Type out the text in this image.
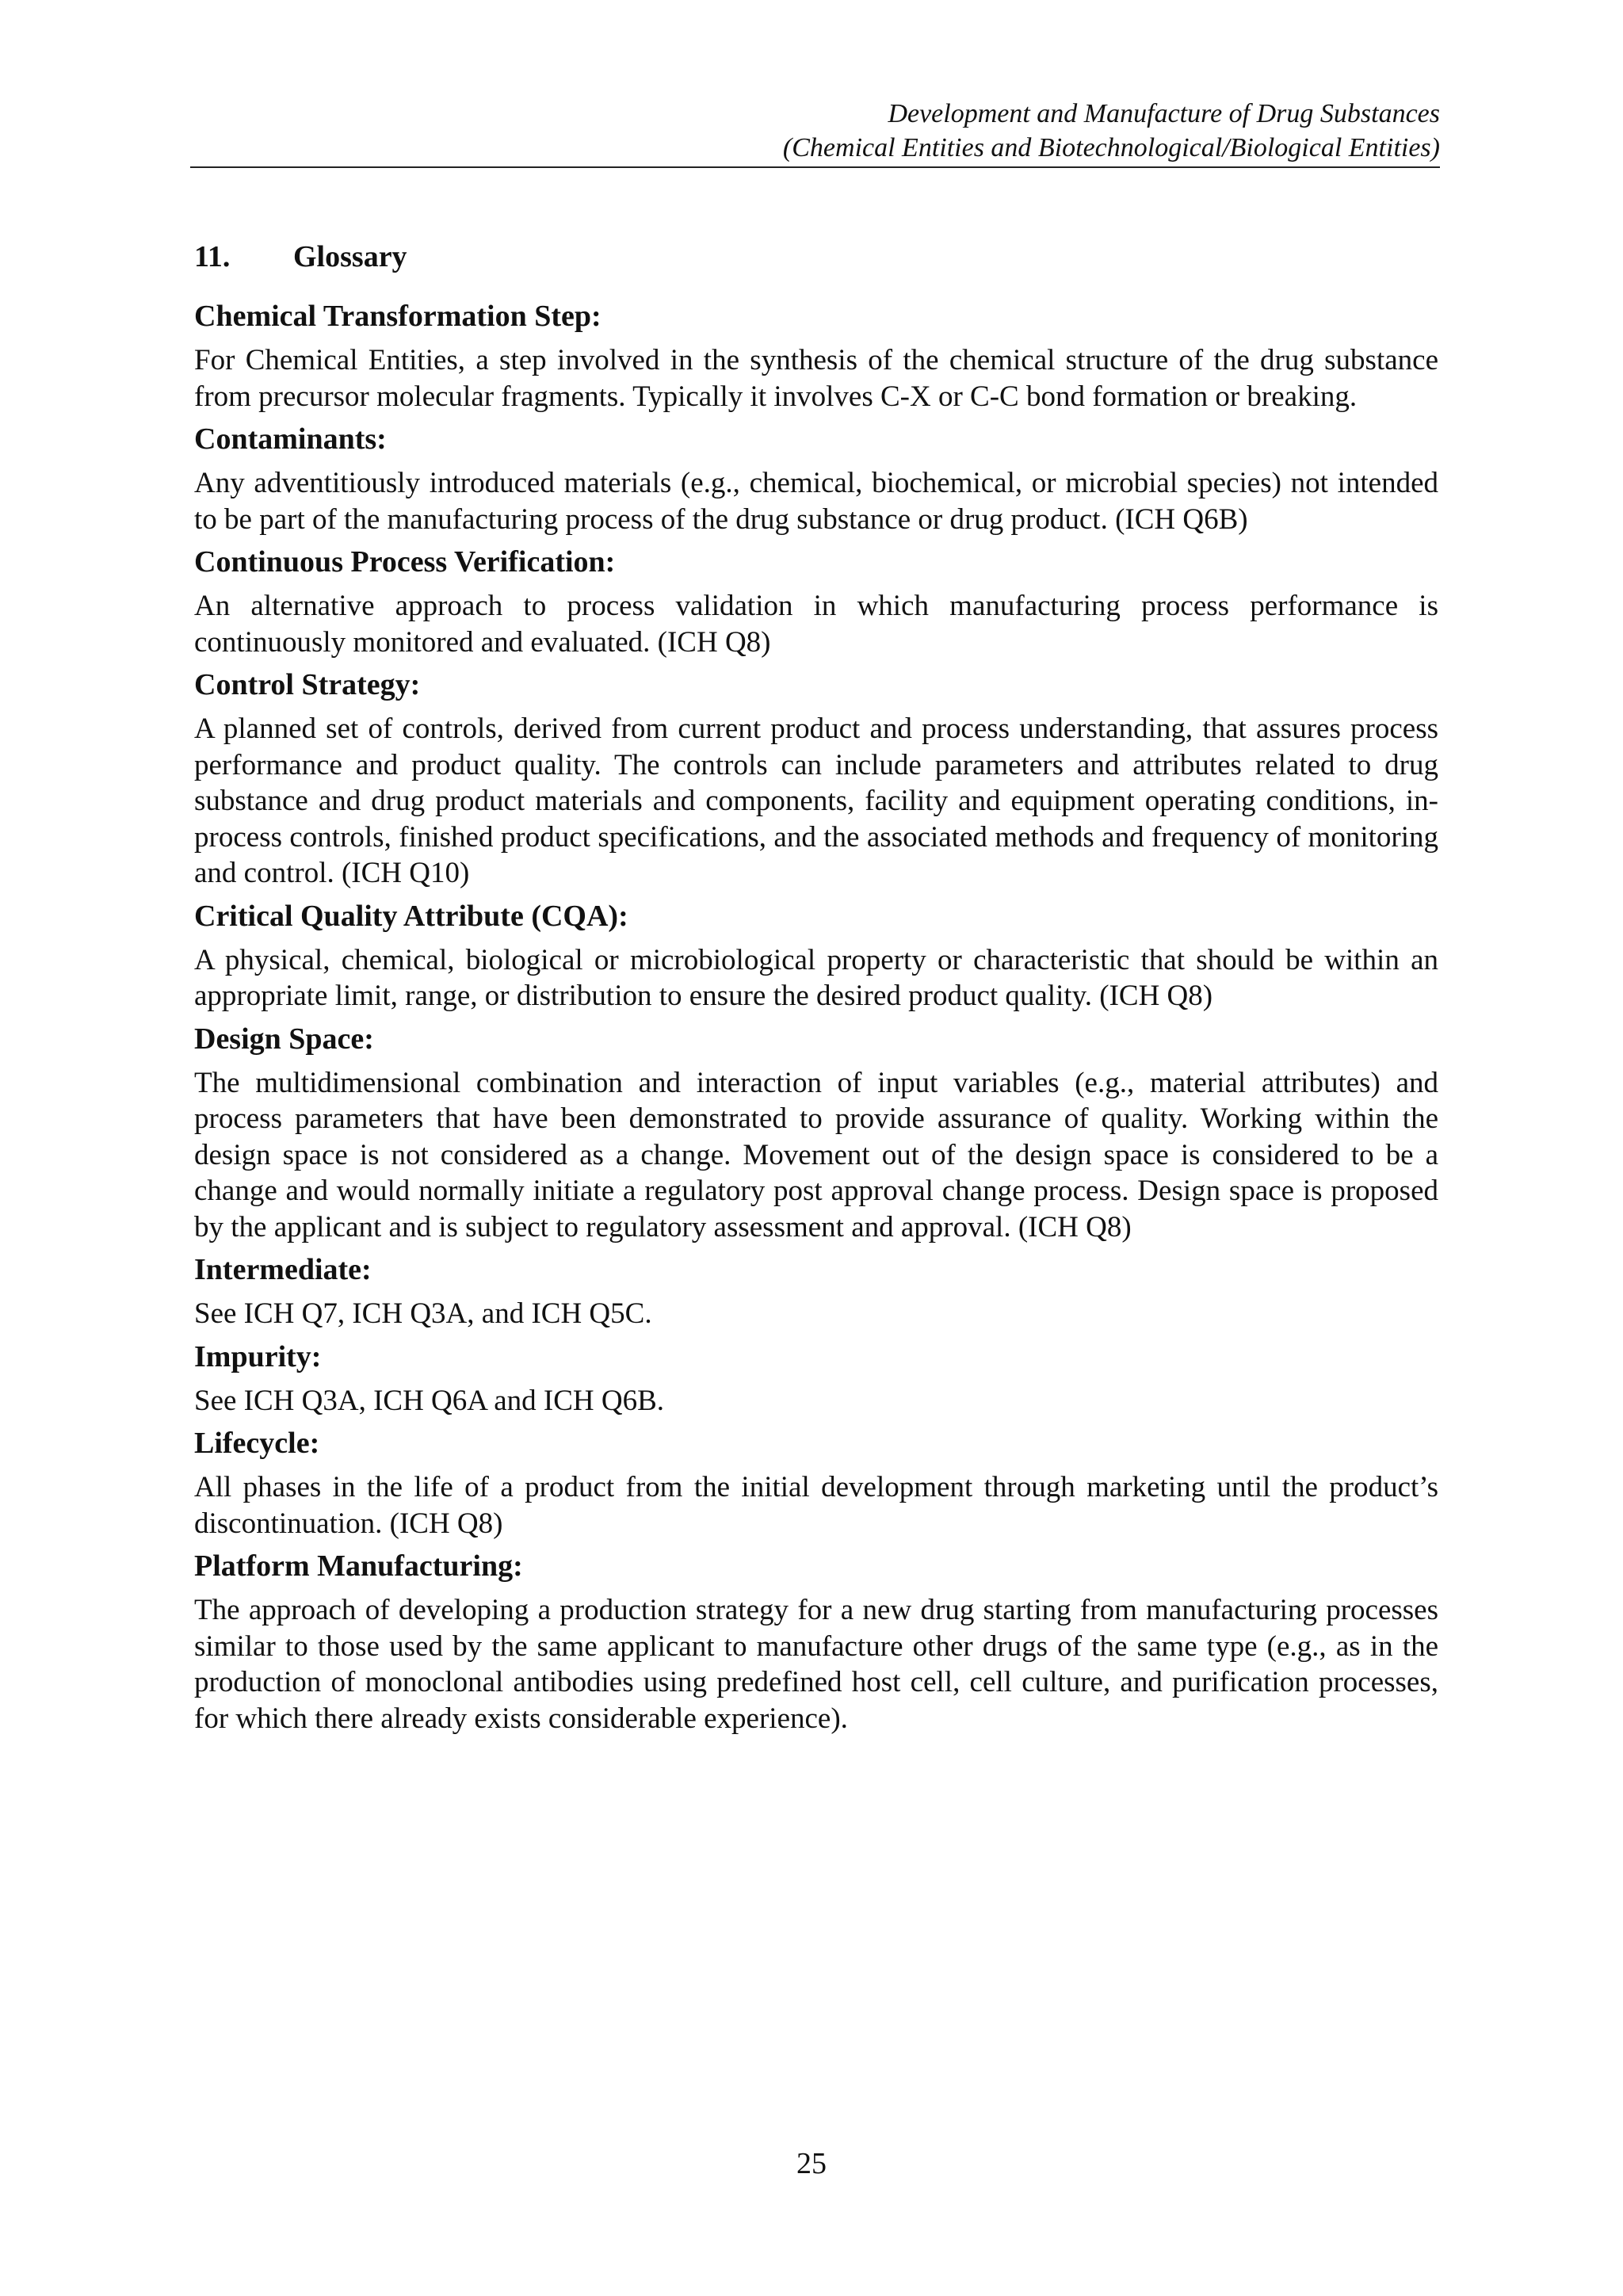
Development and Manufacture of Drug Substances
(Chemical Entities and Biotechnological/Biological Entities)
11. Glossary
Chemical Transformation Step:

For Chemical Entities, a step involved in the synthesis of the chemical structure of the drug substance from precursor molecular fragments. Typically it involves C-X or C-C bond formation or breaking.

Contaminants:

Any adventitiously introduced materials (e.g., chemical, biochemical, or microbial species) not intended to be part of the manufacturing process of the drug substance or drug product. (ICH Q6B)

Continuous Process Verification:

An alternative approach to process validation in which manufacturing process performance is continuously monitored and evaluated. (ICH Q8)

Control Strategy:

A planned set of controls, derived from current product and process understanding, that assures process performance and product quality. The controls can include parameters and attributes related to drug substance and drug product materials and components, facility and equipment operating conditions, in-process controls, finished product specifications, and the associated methods and frequency of monitoring and control. (ICH Q10)

Critical Quality Attribute (CQA):

A physical, chemical, biological or microbiological property or characteristic that should be within an appropriate limit, range, or distribution to ensure the desired product quality. (ICH Q8)

Design Space:

The multidimensional combination and interaction of input variables (e.g., material attributes) and process parameters that have been demonstrated to provide assurance of quality. Working within the design space is not considered as a change. Movement out of the design space is considered to be a change and would normally initiate a regulatory post approval change process. Design space is proposed by the applicant and is subject to regulatory assessment and approval. (ICH Q8)

Intermediate:

See ICH Q7, ICH Q3A, and ICH Q5C.

Impurity:

See ICH Q3A, ICH Q6A and ICH Q6B.

Lifecycle:

All phases in the life of a product from the initial development through marketing until the product’s discontinuation. (ICH Q8)

Platform Manufacturing:

The approach of developing a production strategy for a new drug starting from manufacturing processes similar to those used by the same applicant to manufacture other drugs of the same type (e.g., as in the production of monoclonal antibodies using predefined host cell, cell culture, and purification processes, for which there already exists considerable experience).

25
